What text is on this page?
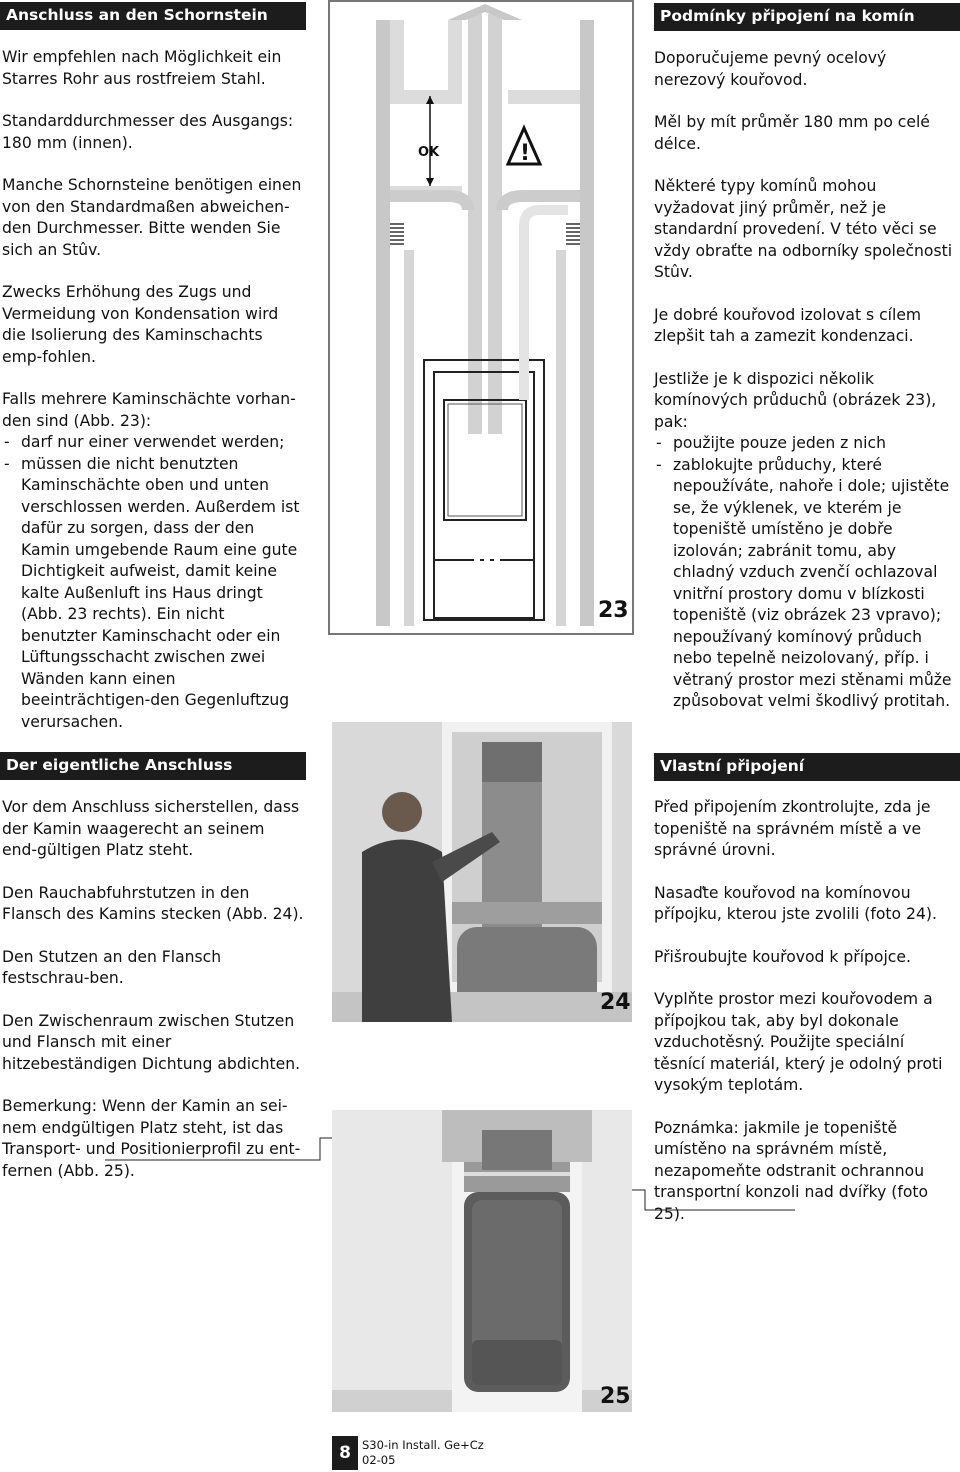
Anschluss an den Schornstein

Wir empfehlen nach Möglichkeit ein Starres Rohr aus rostfreiem Stahl.

Standarddurchmesser des Ausgangs: 180 mm (innen).

Manche Schornsteine benötigen einen von den Standardmaßen abweichen-den Durchmesser. Bitte wenden Sie sich an Stûv.

Zwecks Erhöhung des Zugs und Vermeidung von Kondensation wird die Isolierung des Kaminschachts emp-fohlen.

Falls mehrere Kaminschächte vorhan-den sind (Abb. 23):
- darf nur einer verwendet werden;
- müssen die nicht benutzten Kaminschächte oben und unten verschlossen werden. Außerdem ist dafür zu sorgen, dass der den Kamin umgebende Raum eine gute Dichtigkeit aufweist, damit keine kalte Außenluft ins Haus dringt (Abb. 23 rechts). Ein nicht benutzter Kaminschacht oder ein Lüftungsschacht zwischen zwei Wänden kann einen beeinträchtigen-den Gegenluftzug verursachen.
Der eigentliche Anschluss

Vor dem Anschluss sicherstellen, dass der Kamin waagerecht an seinem end-gültigen Platz steht.

Den Rauchabfuhrstutzen in den Flansch des Kamins stecken (Abb. 24).

Den Stutzen an den Flansch festschrau-ben.

Den Zwischenraum zwischen Stutzen und Flansch mit einer hitzebeständigen Dichtung abdichten.

Bemerkung: Wenn der Kamin an sei-nem endgültigen Platz steht, ist das Transport- und Positionierprofil zu ent-fernen (Abb. 25).

Podmínky připojení na komín

Doporučujeme pevný ocelový nerezový kouřovod.

Měl by mít průměr 180 mm po celé délce.

Některé typy komínů mohou vyžadovat jiný průměr, než je standardní provedení. V této věci se vždy obraťte na odborníky společnosti Stûv.

Je dobré kouřovod izolovat s cílem zlepšit tah a zamezit kondenzaci.

Jestliže je k dispozici několik komínových průduchů (obrázek 23), pak:
- použijte pouze jeden z nich
- zablokujte průduchy, které nepoužíváte, nahoře i dole; ujistěte se, že výklenek, ve kterém je topeniště umístěno je dobře izolován; zabránit tomu, aby chladný vzduch zvenčí ochlazoval vnitřní prostory domu v blízkosti topeniště (viz obrázek 23 vpravo); nepoužívaný komínový průduch nebo tepelně neizolovaný, příp. i větraný prostor mezi stěnami může způsobovat velmi škodlivý protitah.
Vlastní připojení

Před připojením zkontrolujte, zda je topeniště na správném místě a ve správné úrovni.

Nasaďte kouřovod na komínovou přípojku, kterou jste zvolili (foto 24).

Přišroubujte kouřovod k přípojce.

Vyplňte prostor mezi kouřovodem a přípojkou tak, aby byl dokonale vzduchotěsný. Použijte speciální těsnící materiál, který je odolný proti vysokým teplotám.

Poznámka: jakmile je topeniště umístěno na správném místě, nezapomeňte odstranit ochrannou transportní konzoli nad dvířky (foto 25).

OK	!
23
24
25
8 S30-in Install. Ge+Cz
02-05
